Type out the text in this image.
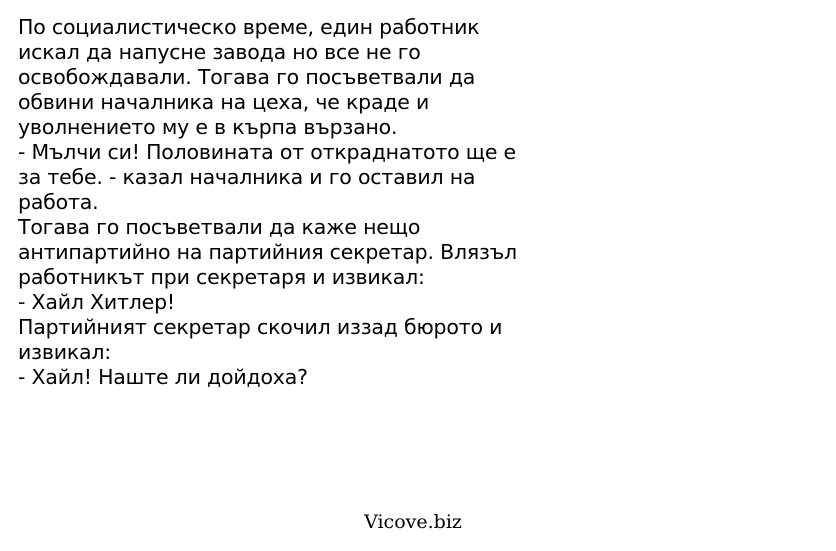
По социалистическо време, един работник
искал да напусне завода но все не го
освобождавали. Тогава го посъветвали да
обвини началника на цеха, че краде и
уволнението му е в кърпа вързано.
- Мълчи си! Половината от откраднатото ще е
за тебе. - казал началника и го оставил на
работа.
Тогава го посъветвали да каже нещо
антипартийно на партийния секретар. Влязъл
работникът при секретаря и извикал:
- Хайл Хитлер!
Партийният секретар скочил иззад бюрото и
извикал:
- Хайл! Наште ли дойдоха?
Vicove.biz
